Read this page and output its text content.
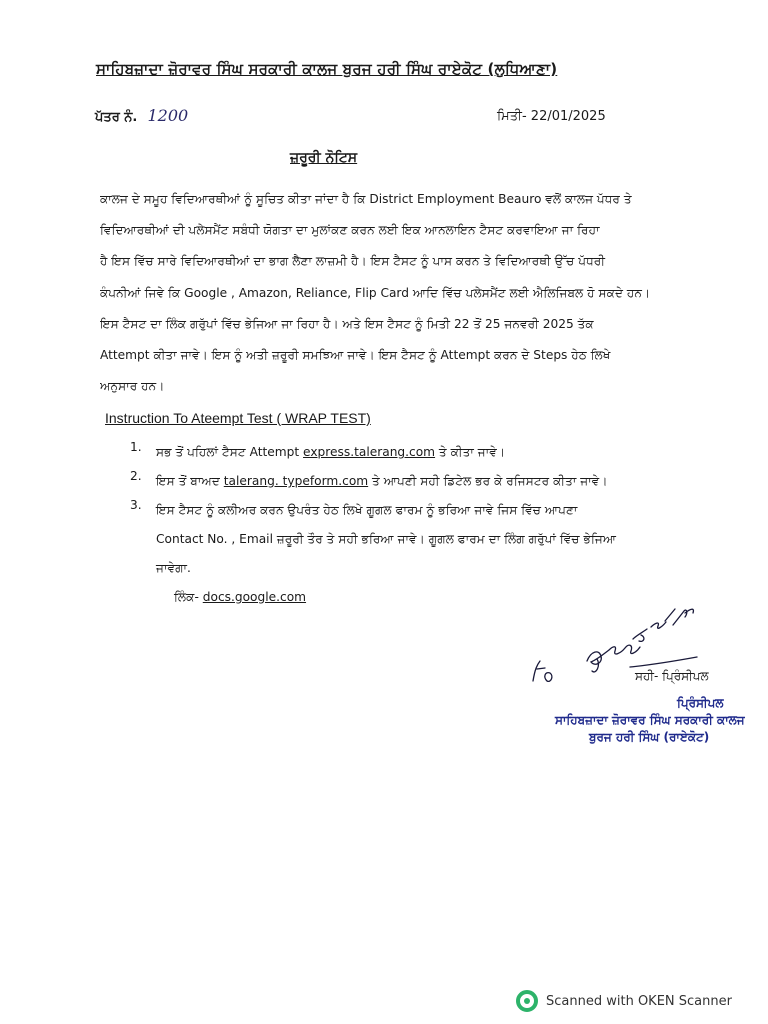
ਸਾਹਿਬਜ਼ਾਦਾ ਜ਼ੋਰਾਵਰ ਸਿੰਘ ਸਰਕਾਰੀ ਕਾਲਜ ਬੁਰਜ ਹਰੀ ਸਿੰਘ ਰਾਏਕੋਟ (ਲੁਧਿਆਣਾ)
ਪੱਤਰ ਨੰ. 1200	ਮਿਤੀ- 22/01/2025
ਜ਼ਰੂਰੀ ਨੋਟਿਸ
ਕਾਲਜ ਦੇ ਸਮੂਹ ਵਿਦਿਆਰਥੀਆਂ ਨੂੰ ਸੂਚਿਤ ਕੀਤਾ ਜਾਂਦਾ ਹੈ ਕਿ District Employment Beauro ਵਲੋਂ ਕਾਲਜ ਪੱਧਰ ਤੇ
ਵਿਦਿਆਰਥੀਆਂ ਦੀ ਪਲੇਸਮੈਂਟ ਸਬੰਧੀ ਯੋਗਤਾ ਦਾ ਮੁਲਾਂਕਣ ਕਰਨ ਲਈ ਇਕ ਆਨਲਾਇਨ ਟੈਸਟ ਕਰਵਾਇਆ ਜਾ ਰਿਹਾ
ਹੈ ਇਸ ਵਿੱਚ ਸਾਰੇ ਵਿਦਿਆਰਥੀਆਂ ਦਾ ਭਾਗ ਲੈਣਾ ਲਾਜ਼ਮੀ ਹੈ। ਇਸ ਟੈਸਟ ਨੂੰ ਪਾਸ ਕਰਨ ਤੇ ਵਿਦਿਆਰਥੀ ਉੱਚ ਪੱਧਰੀ
ਕੰਪਨੀਆਂ ਜਿਵੇ ਕਿ Google , Amazon, Reliance, Flip Card ਆਦਿ ਵਿੱਚ ਪਲੇਸਮੈਂਟ ਲਈ ਐਲਿਜਿਬਲ ਹੋ ਸਕਦੇ ਹਨ।
ਇਸ ਟੈਸਟ ਦਾ ਲਿੰਕ ਗਰੁੱਪਾਂ ਵਿੱਚ ਭੇਜਿਆ ਜਾ ਰਿਹਾ ਹੈ। ਅਤੇ ਇਸ ਟੈਸਟ ਨੂੰ ਮਿਤੀ 22 ਤੋਂ 25 ਜਨਵਰੀ 2025 ਤੱਕ
Attempt ਕੀਤਾ ਜਾਵੇ। ਇਸ ਨੂੰ ਅਤੀ ਜ਼ਰੂਰੀ ਸਮਝਿਆ ਜਾਵੇ। ਇਸ ਟੈਸਟ ਨੂੰ Attempt ਕਰਨ ਦੇ Steps ਹੇਠ ਲਿਖੇ
ਅਨੁਸਾਰ ਹਨ।
Instruction To Ateempt Test ( WRAP TEST)
1. ਸਭ ਤੋਂ ਪਹਿਲਾਂ ਟੈਸਟ Attempt express.talerang.com ਤੇ ਕੀਤਾ ਜਾਵੇ।
2. ਇਸ ਤੋਂ ਬਾਅਦ talerang. typeform.com ਤੇ ਆਪਣੀ ਸਹੀ ਡਿਟੇਲ ਭਰ ਕੇ ਰਜਿਸਟਰ ਕੀਤਾ ਜਾਵੇ।
3. ਇਸ ਟੈਸਟ ਨੂੰ ਕਲੀਅਰ ਕਰਨ ਉਪਰੰਤ ਹੇਠ ਲਿਖੇ ਗੂਗਲ ਫਾਰਮ ਨੂੰ ਭਰਿਆ ਜਾਵੇ ਜਿਸ ਵਿੱਚ ਆਪਣਾ
Contact No. , Email ਜ਼ਰੂਰੀ ਤੌਰ ਤੇ ਸਹੀ ਭਰਿਆ ਜਾਵੇ। ਗੂਗਲ ਫਾਰਮ ਦਾ ਲਿੰਗ ਗਰੁੱਪਾਂ ਵਿੱਚ ਭੇਜਿਆ
ਜਾਵੇਗਾ.
ਲਿੰਕ- docs.google.com
ਸਹੀ- ਪ੍ਰਿੰਸੀਪਲ
ਪ੍ਰਿੰਸੀਪਲ
ਸਾਹਿਬਜ਼ਾਦਾ ਜ਼ੋਰਾਵਰ ਸਿੰਘ ਸਰਕਾਰੀ ਕਾਲਜ
ਬੁਰਜ ਹਰੀ ਸਿੰਘ (ਰਾਏਕੋਟ)
Scanned with OKEN Scanner
